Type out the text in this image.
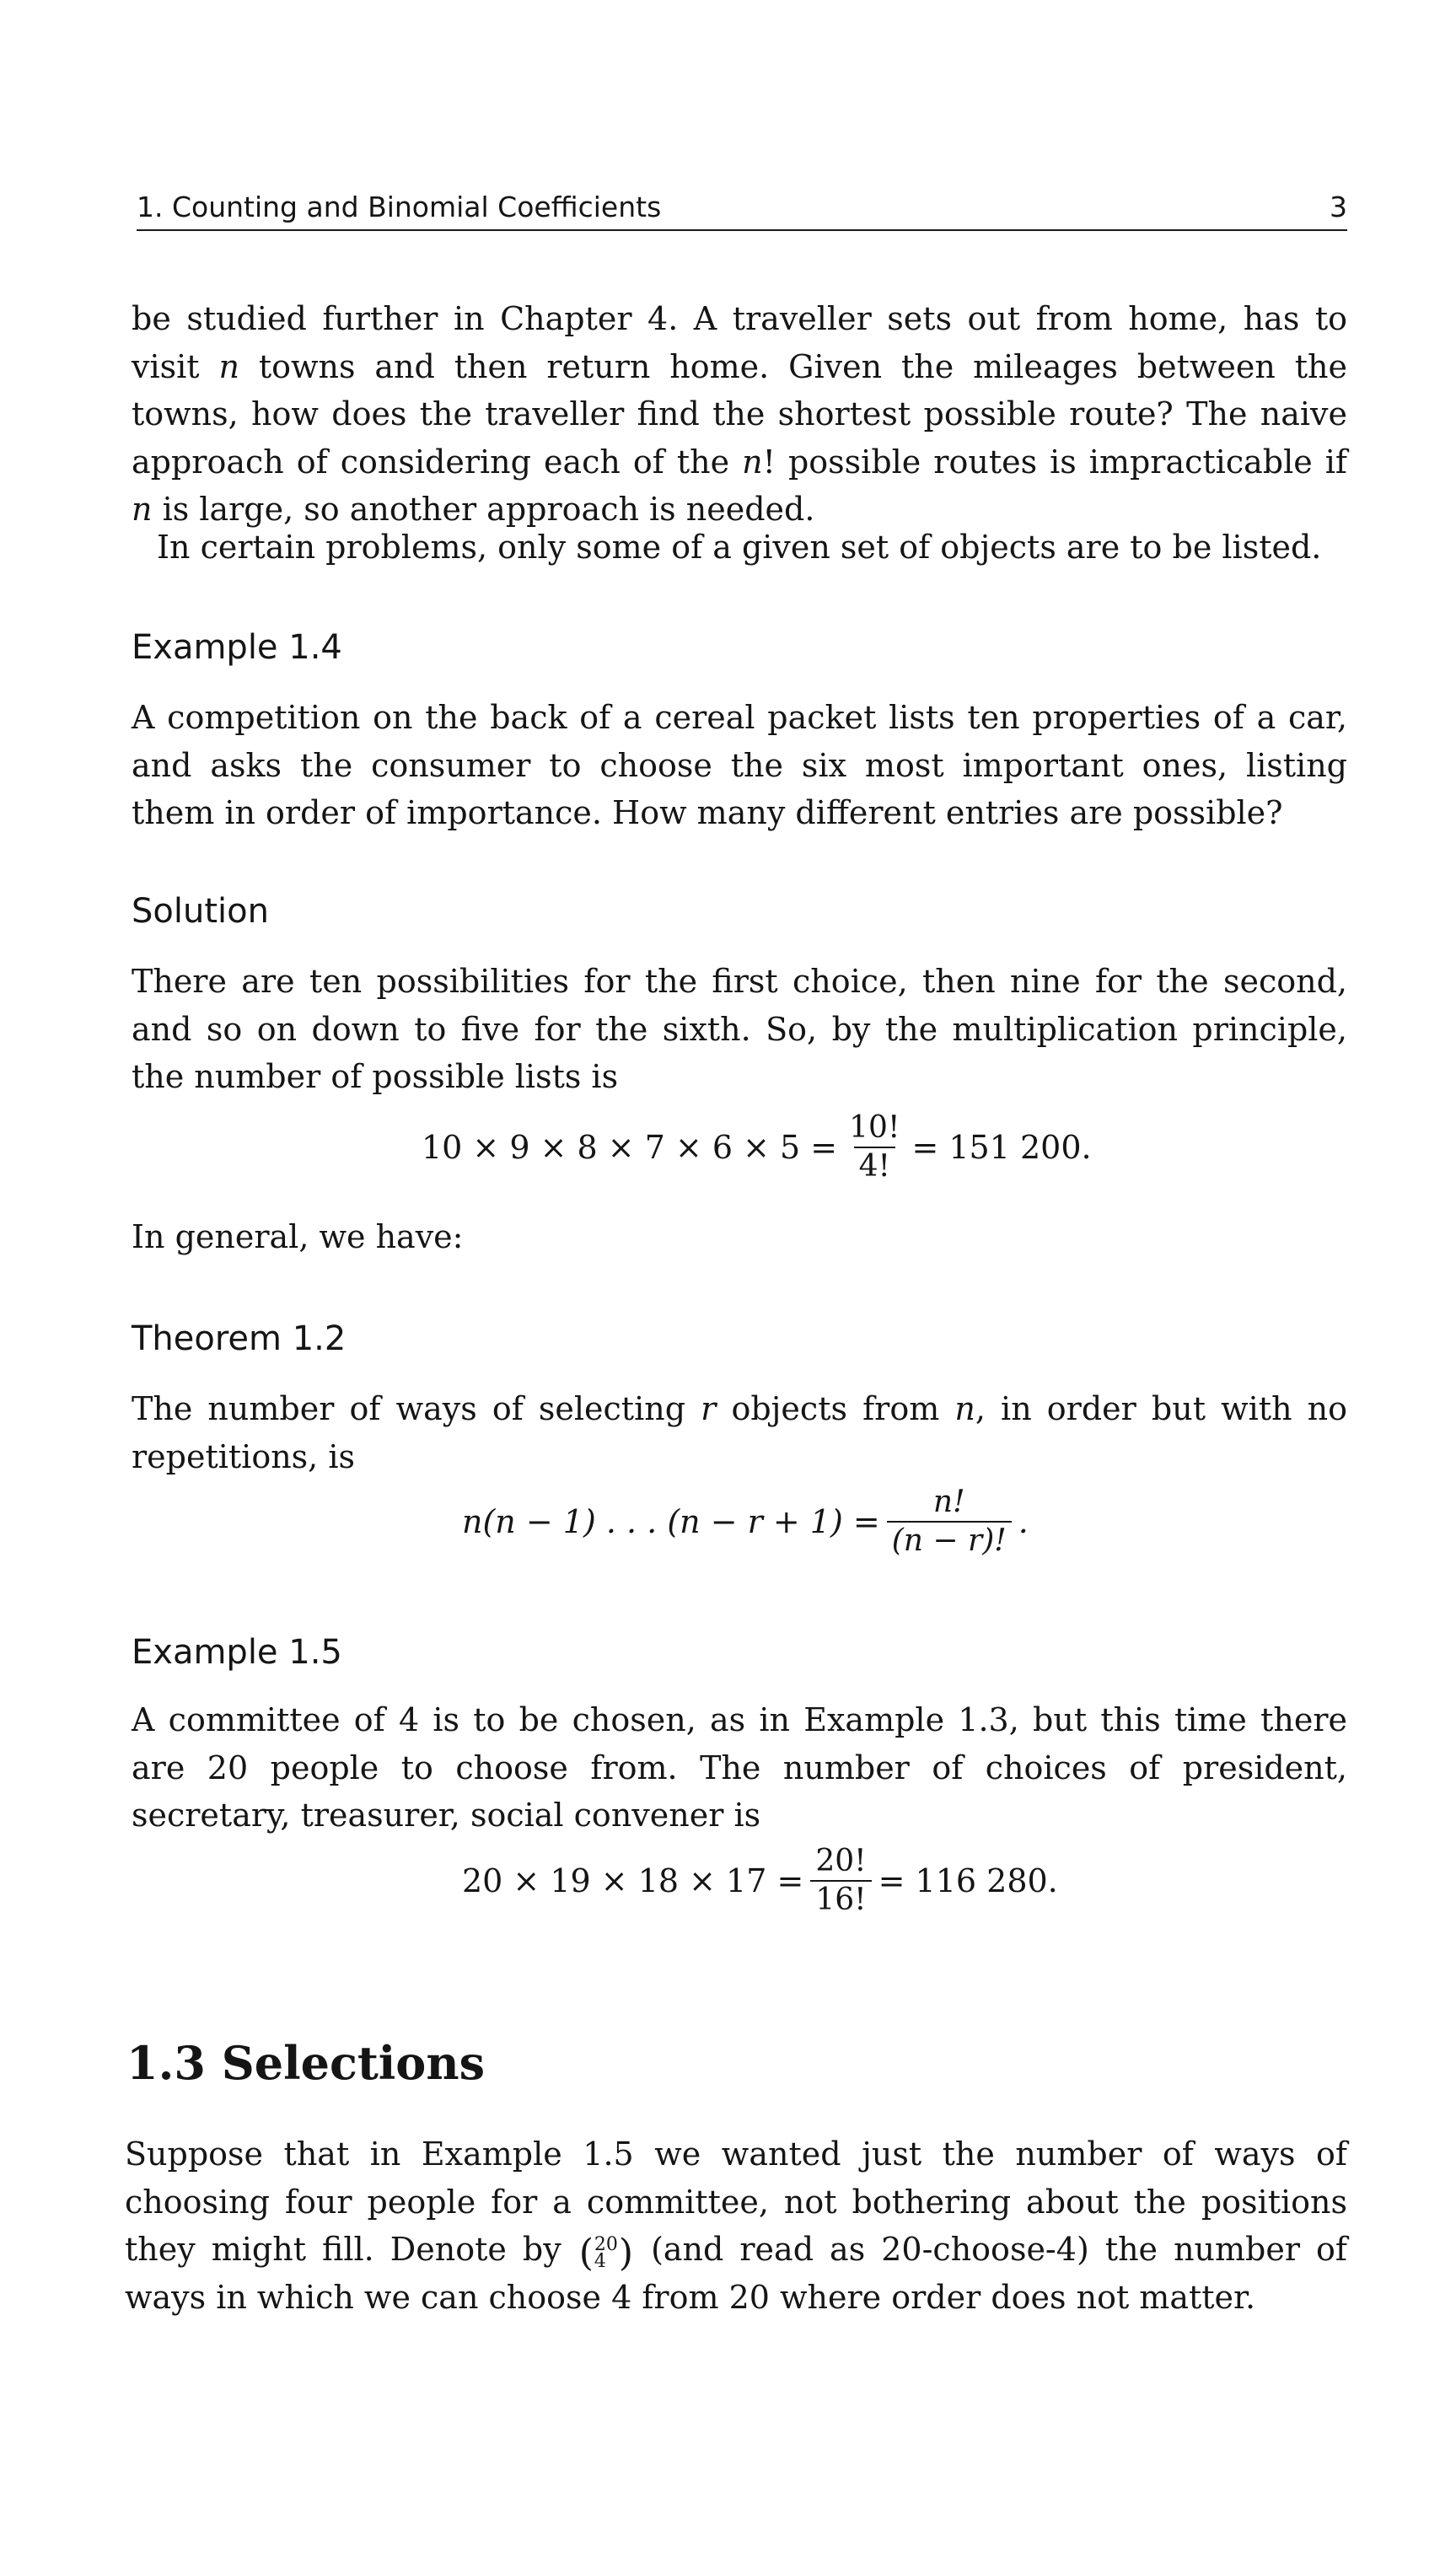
1. Counting and Binomial Coefficients	3

be studied further in Chapter 4. A traveller sets out from home, has to visit n towns and then return home. Given the mileages between the towns, how does the traveller find the shortest possible route? The naive approach of considering each of the n! possible routes is impracticable if n is large, so another approach is needed.

In certain problems, only some of a given set of objects are to be listed.

Example 1.4

A competition on the back of a cereal packet lists ten properties of a car, and asks the consumer to choose the six most important ones, listing them in order of importance. How many different entries are possible?

Solution

There are ten possibilities for the first choice, then nine for the second, and so on down to five for the sixth. So, by the multiplication principle, the number of possible lists is

$10 \times 9 \times 8 \times 7 \times 6 \times 5 = \frac{10!}{4!} = 151$ 200.

In general, we have:

Theorem 1.2

The number of ways of selecting r objects from n, in order but with no repetitions, is

n(n − 1) . . . $(n - r + 1) = \frac{n!}{(n - r)!}$ .
Example 1.5

A committee of 4 is to be chosen, as in Example 1.3, but this time there are 20 people to choose from. The number of choices of president, secretary, treasurer, social convener is

$20 \times 19 \times 18 \times 17 = \frac{20!}{16!} = 116$ 280.
1.3 Selections

Suppose that in Example 1.5 we wanted just the number of ways of choosing four people for a committee, not bothering about the positions they might fill. Denote by ( 20
4 ) (and read as 20-choose-4) the number of ways in which we can choose 4 from 20 where order does not matter.
